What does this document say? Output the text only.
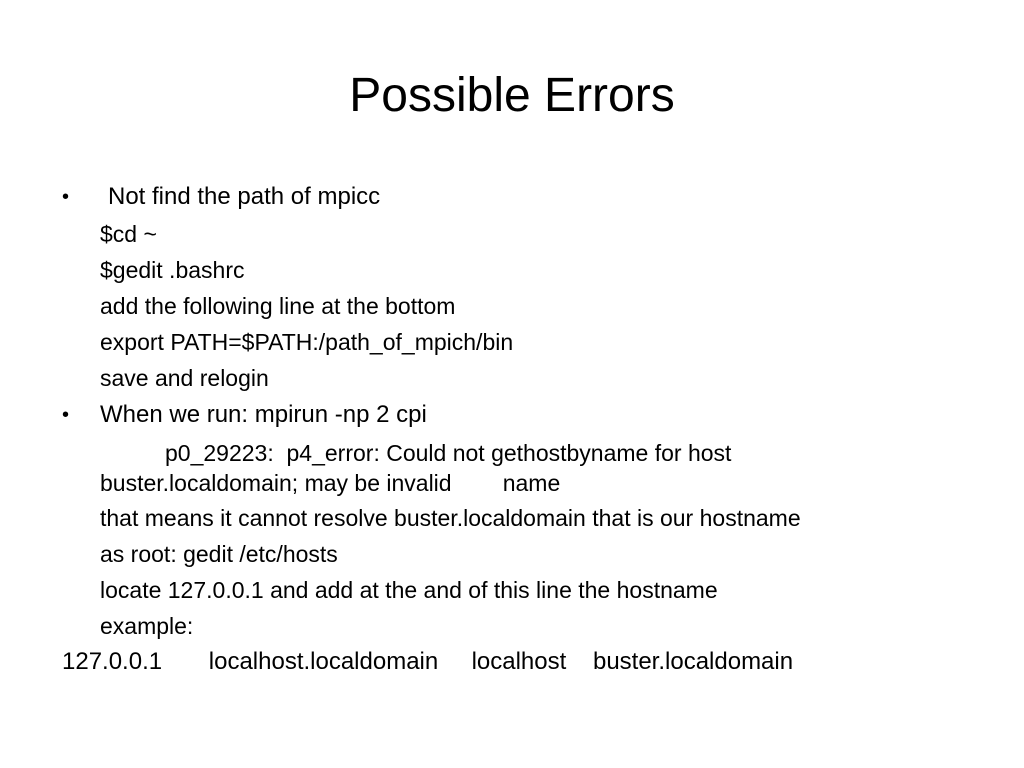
Possible Errors
• Not find the path of mpicc
$cd ~
$gedit .bashrc
add the following line at the bottom
export PATH=$PATH:/path_of_mpich/bin
save and relogin
• When we run: mpirun -np 2 cpi
p0_29223:  p4_error: Could not gethostbyname for host
buster.localdomain; may be invalid        name
that means it cannot resolve buster.localdomain that is our hostname
as root: gedit /etc/hosts
locate 127.0.0.1 and add at the and of this line the hostname
example:
127.0.0.1       localhost.localdomain     localhost    buster.localdomain
